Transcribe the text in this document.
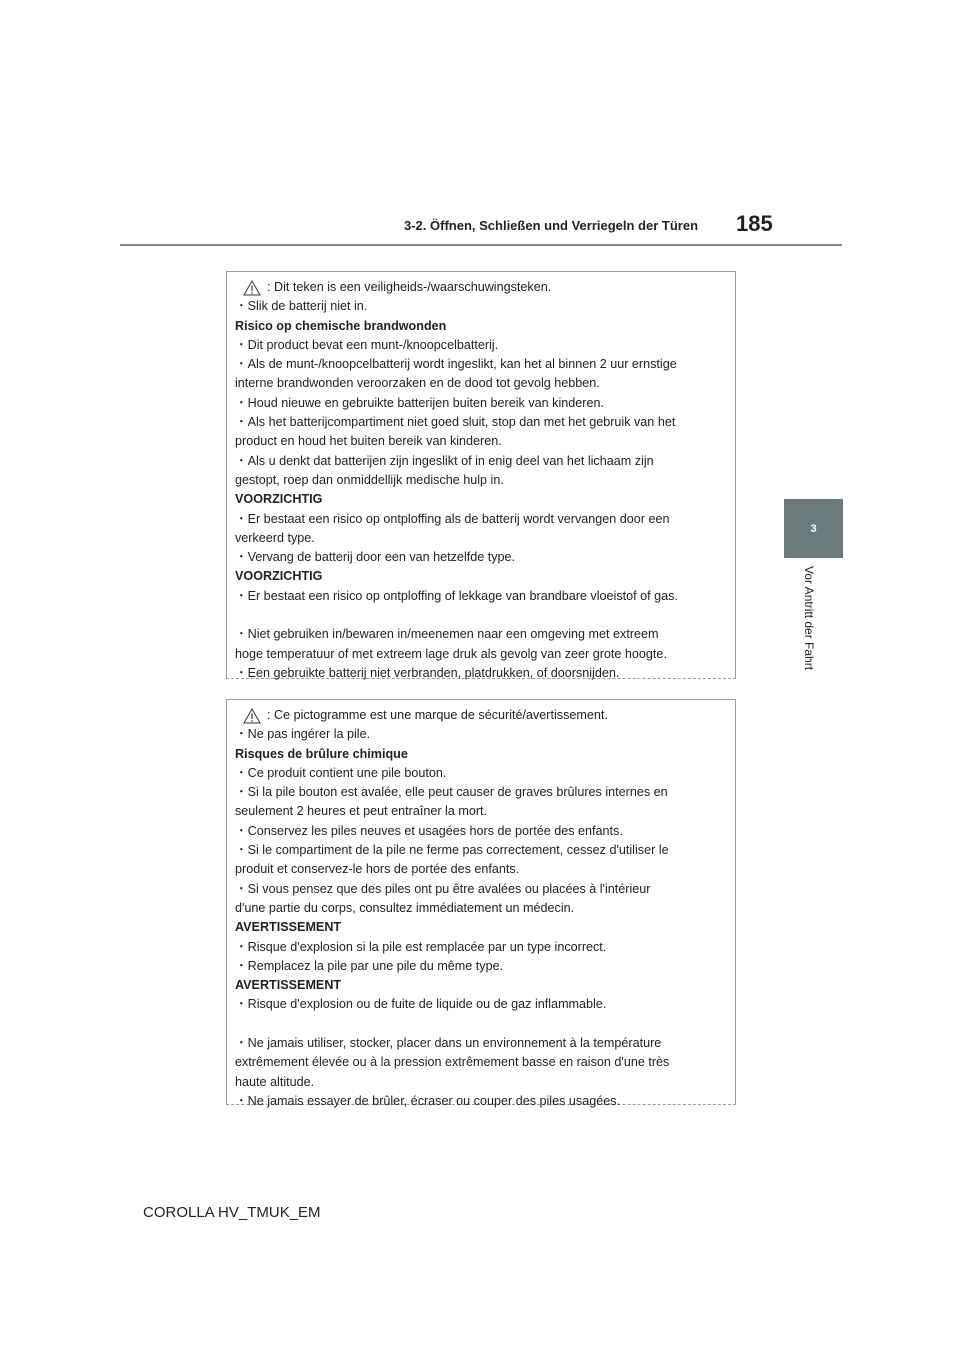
3-2. Öffnen, Schließen und Verriegeln der Türen 185
3
Vor Antritt der Fahrt
: Dit teken is een veiligheids-/waarschuwingsteken.
・Slik de batterij niet in.
Risico op chemische brandwonden
・Dit product bevat een munt-/knoopcelbatterij.
・Als de munt-/knoopcelbatterij wordt ingeslikt, kan het al binnen 2 uur ernstige
interne brandwonden veroorzaken en de dood tot gevolg hebben.
・Houd nieuwe en gebruikte batterijen buiten bereik van kinderen.
・Als het batterijcompartiment niet goed sluit, stop dan met het gebruik van het
product en houd het buiten bereik van kinderen.
・Als u denkt dat batterijen zijn ingeslikt of in enig deel van het lichaam zijn
gestopt, roep dan onmiddellijk medische hulp in.
VOORZICHTIG
・Er bestaat een risico op ontploffing als de batterij wordt vervangen door een
verkeerd type.
・Vervang de batterij door een van hetzelfde type.
VOORZICHTIG
・Er bestaat een risico op ontploffing of lekkage van brandbare vloeistof of gas.
・Niet gebruiken in/bewaren in/meenemen naar een omgeving met extreem
hoge temperatuur of met extreem lage druk als gevolg van zeer grote hoogte.
・Een gebruikte batterij niet verbranden, platdrukken, of doorsnijden.
: Ce pictogramme est une marque de sécurité/avertissement.
・Ne pas ingérer la pile.
Risques de brûlure chimique
・Ce produit contient une pile bouton.
・Si la pile bouton est avalée, elle peut causer de graves brûlures internes en
seulement 2 heures et peut entraîner la mort.
・Conservez les piles neuves et usagées hors de portée des enfants.
・Si le compartiment de la pile ne ferme pas correctement, cessez d'utiliser le
produit et conservez-le hors de portée des enfants.
・Si vous pensez que des piles ont pu être avalées ou placées à l'intérieur
d'une partie du corps, consultez immédiatement un médecin.
AVERTISSEMENT
・Risque d'explosion si la pile est remplacée par un type incorrect.
・Remplacez la pile par une pile du même type.
AVERTISSEMENT
・Risque d'explosion ou de fuite de liquide ou de gaz inflammable.
・Ne jamais utiliser, stocker, placer dans un environnement à la température
extrêmement élevée ou à la pression extrêmement basse en raison d'une très
haute altitude.
・Ne jamais essayer de brûler, écraser ou couper des piles usagées.
COROLLA HV_TMUK_EM
